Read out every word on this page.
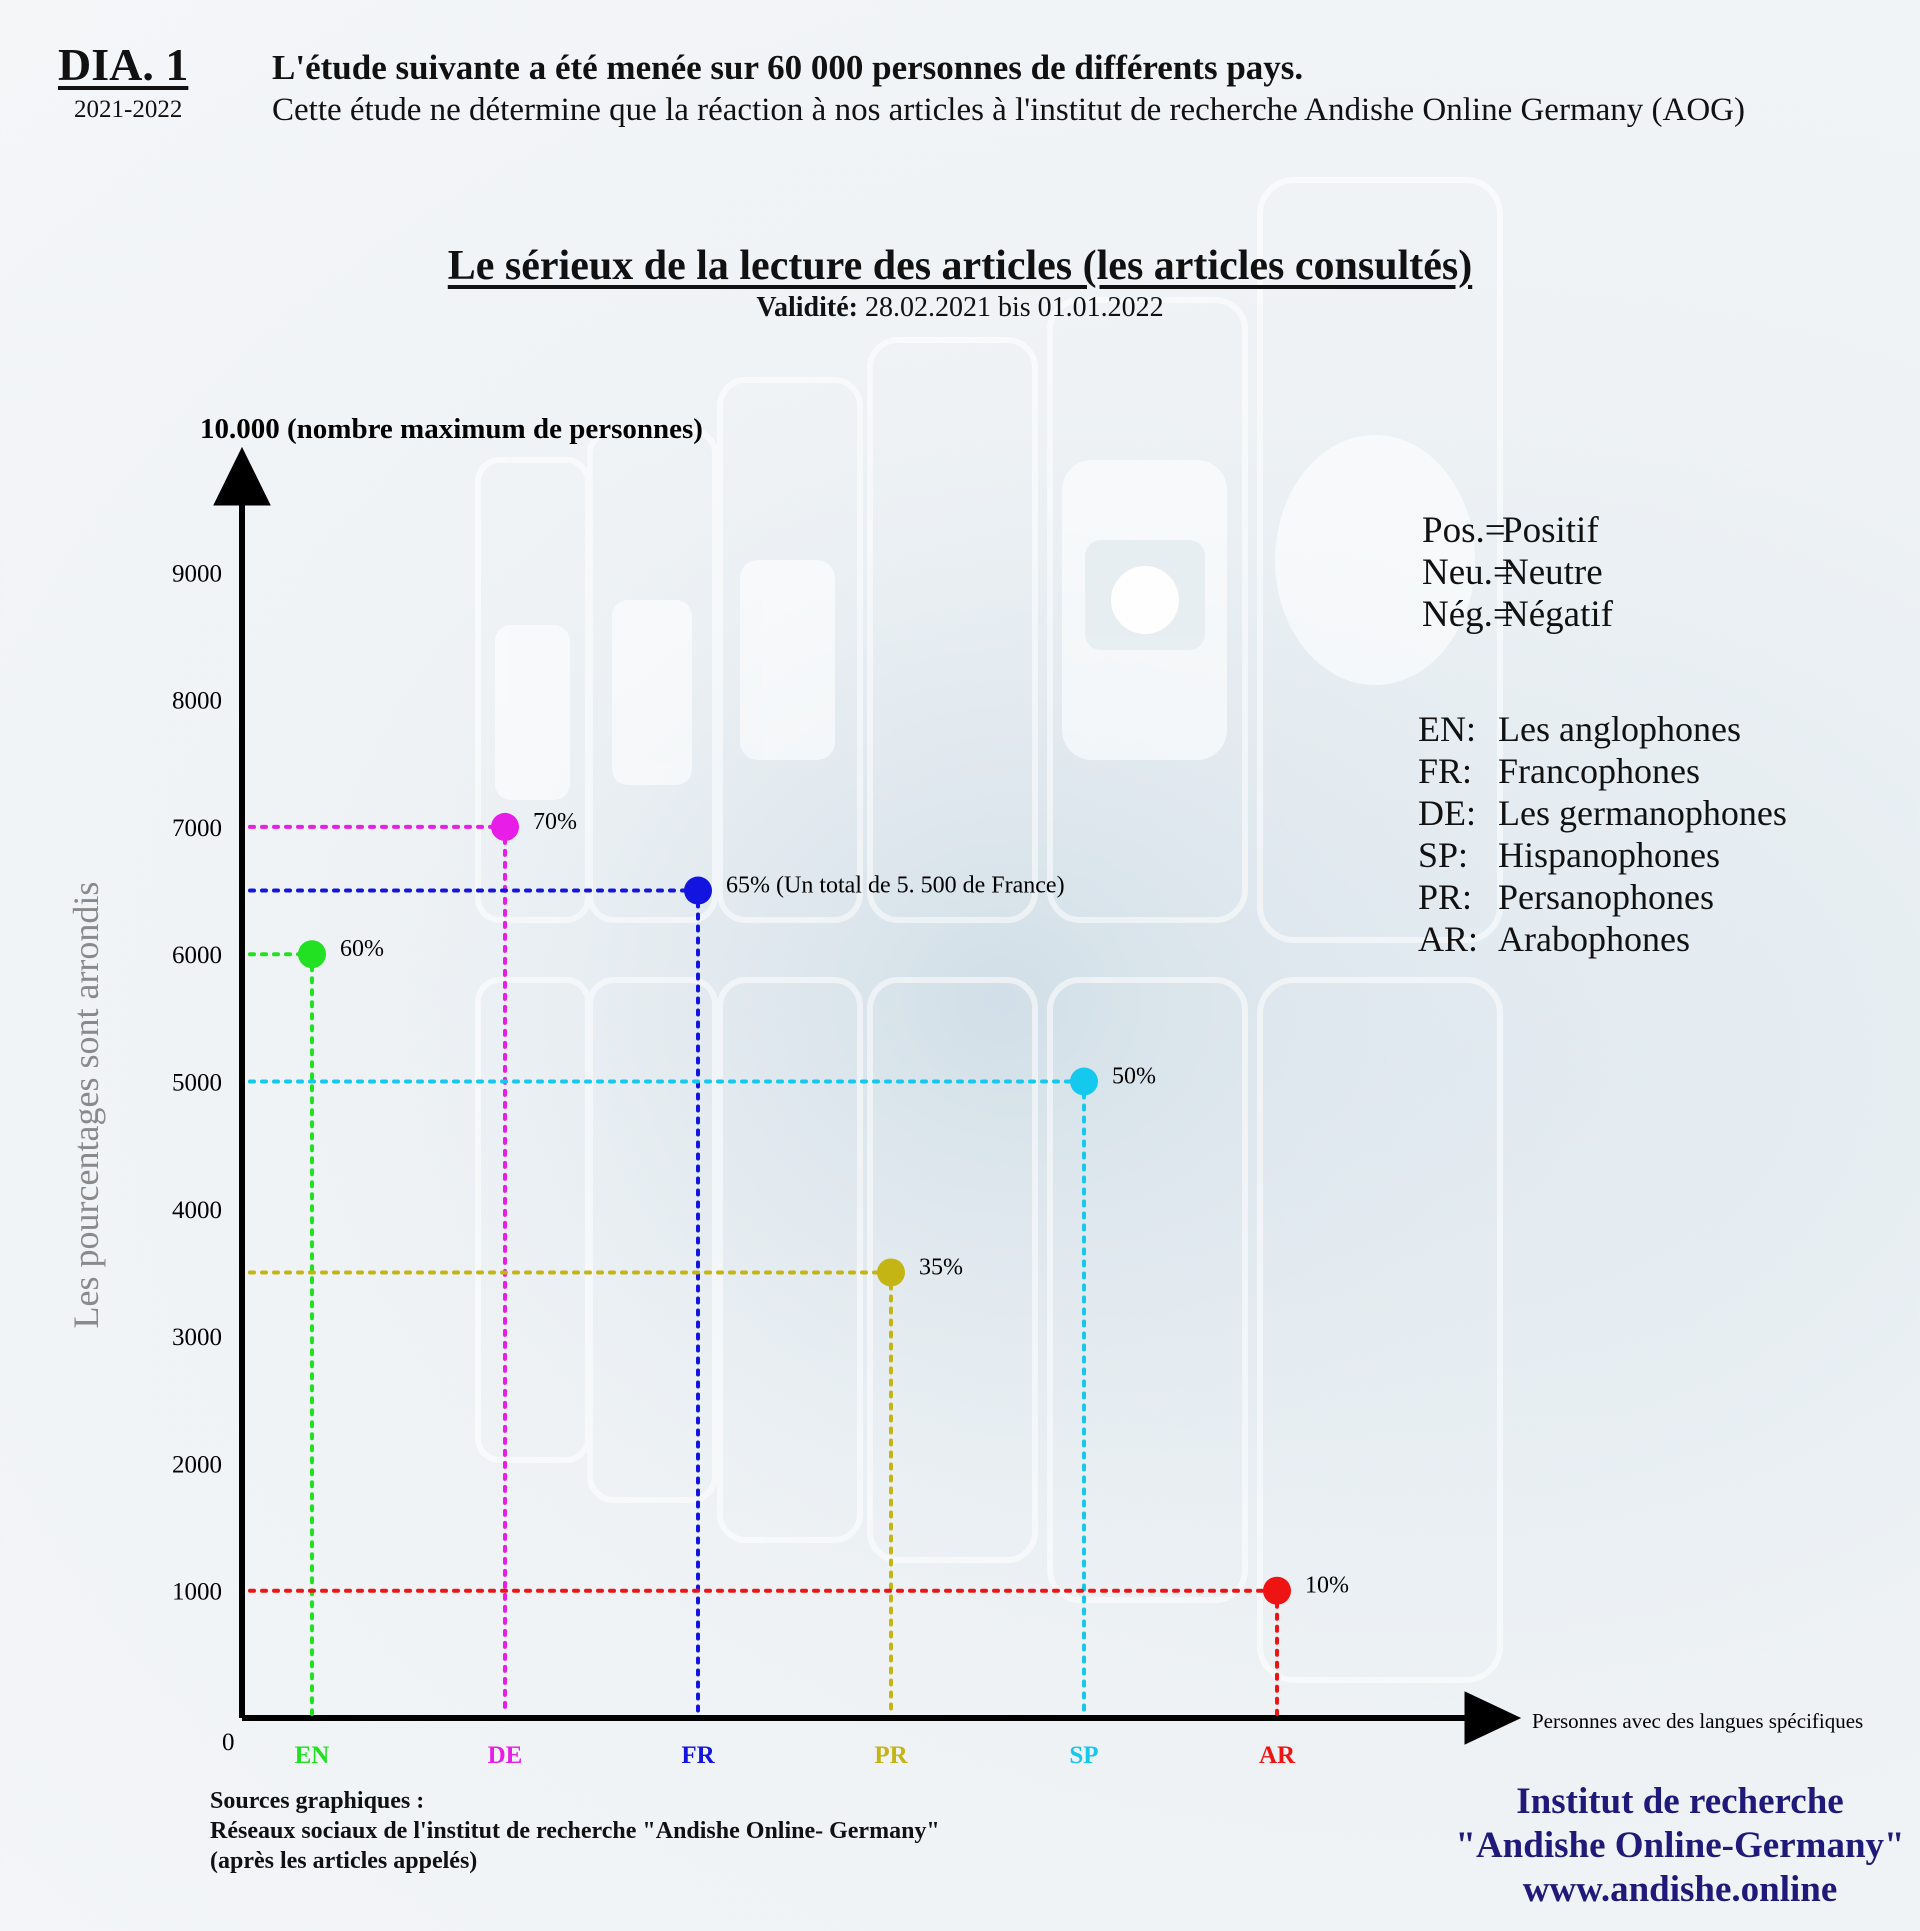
1000
2000
3000
4000
5000
6000
7000
8000
9000
60%
70%
65% (Un total de 5. 500 de France)
35%
50%
10%
EN	DE	FR	PR	SP	AR
10.000 (nombre maximum de personnes)
Les pourcentages sont arrondis
Personnes avec des langues spécifiques
0
DIA. 1
2021-2022
L'étude suivante a été menée sur 60 000 personnes de différents pays.
Cette étude ne détermine que la réaction à nos articles à l'institut de recherche Andishe Online Germany (AOG)
Le sérieux de la lecture des articles (les articles consultés)
Validité: 28.02.2021 bis 01.01.2022
Pos.=Positif
Neu.=Neutre
Nég.=Négatif
EN: Les anglophones
FR: Francophones
DE: Les germanophones
SP: Hispanophones
PR: Persanophones
AR: Arabophones
Sources graphiques :
Réseaux sociaux de l'institut de recherche "Andishe Online- Germany"
(après les articles appelés)
Institut de recherche
"Andishe Online-Germany"
www.andishe.online
